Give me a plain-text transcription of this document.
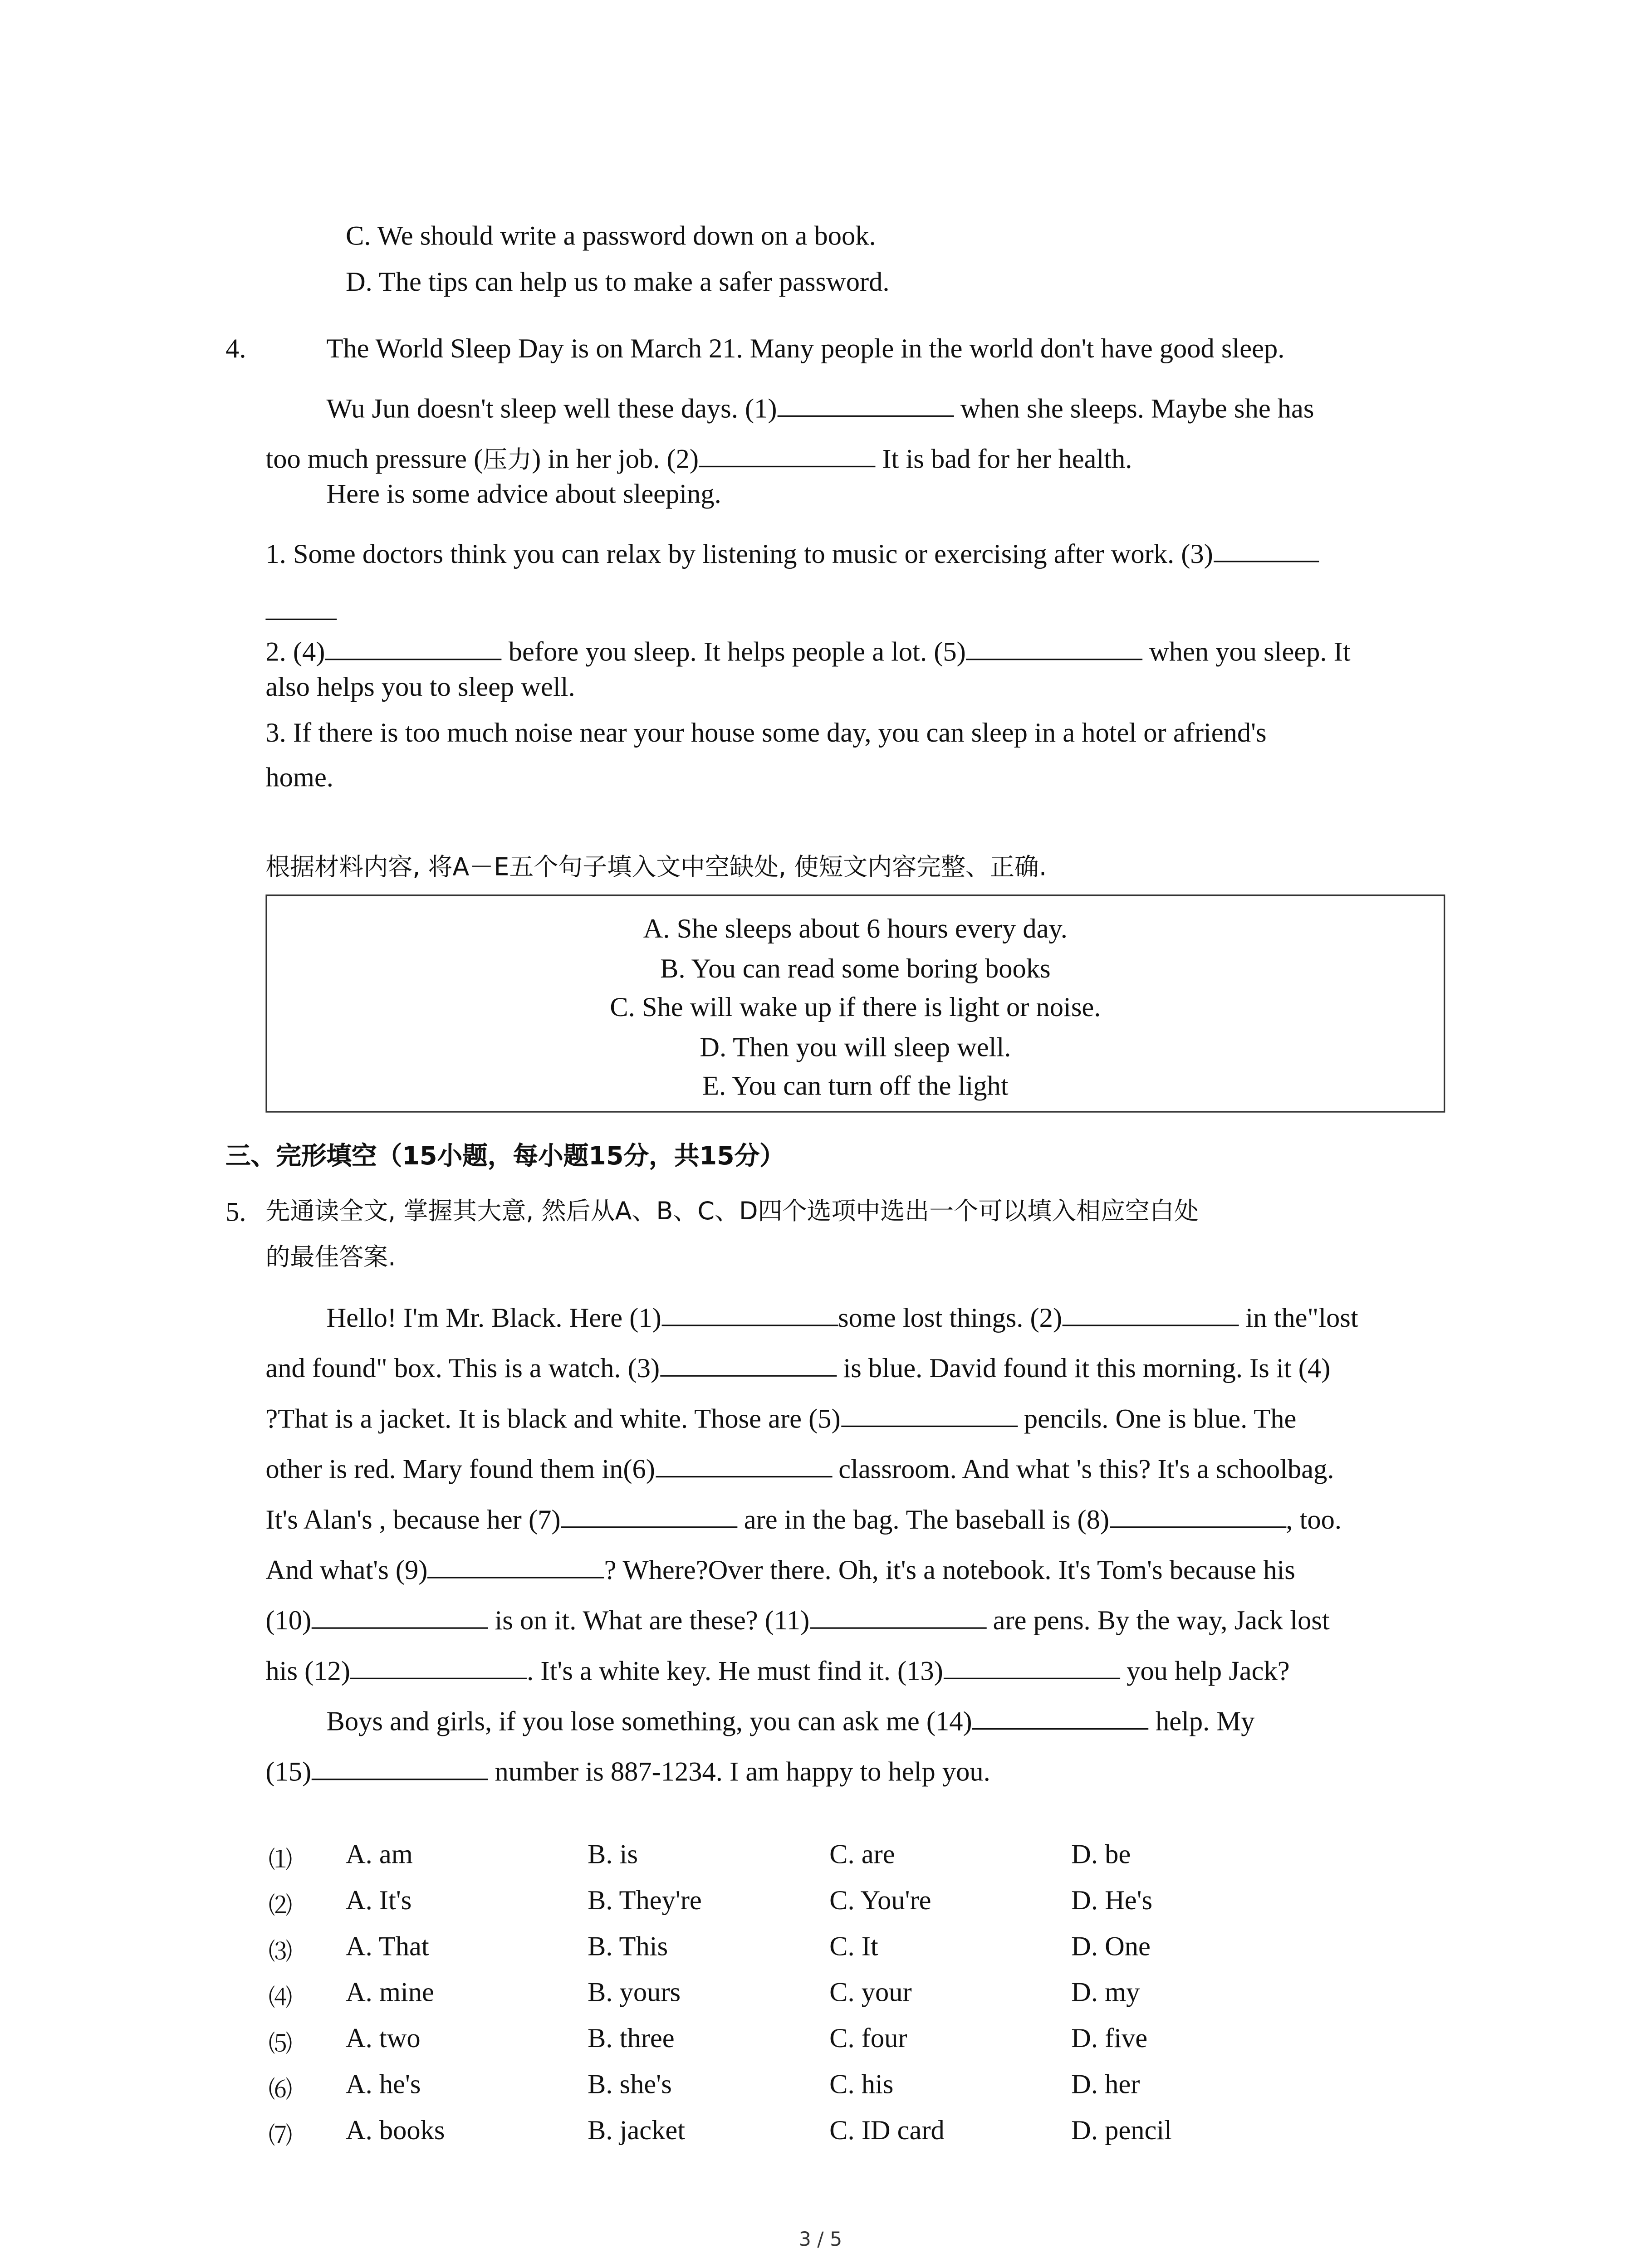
C. We should write a password down on a book.
D. The tips can help us to make a safer password.
4.	The World Sleep Day is on March 21. Many people in the world don't have good sleep.
Wu Jun doesn't sleep well these days. (1)	when she sleeps. Maybe she has
too much pressure (压力) in her job. (2)	It is bad for her health.
Here is some advice about sleeping.
1. Some doctors think you can relax by listening to music or exercising after work. (3)
2. (4)	before you sleep. It helps people a lot. (5)	when you sleep. It
also helps you to sleep well.
3. If there is too much noise near your house some day, you can sleep in a hotel or afriend's
home.
根据材料内容, 将A－E五个句子填入文中空缺处, 使短文内容完整、正确.
A. She sleeps about 6 hours every day.
B. You can read some boring books
C. She will wake up if there is light or noise.
D. Then you will sleep well.
E. You can turn off the light
三、完形填空（15小题，每小题15分，共15分）
5.	先通读全文, 掌握其大意, 然后从A、B、C、D四个选项中选出一个可以填入相应空白处
的最佳答案.
Hello! I'm Mr. Black. Here (1)	some lost things. (2)	in the"lost
and found" box. This is a watch. (3)	is blue. David found it this morning. Is it (4)
?That is a jacket. It is black and white. Those are (5)	pencils. One is blue. The
other is red. Mary found them in(6)	classroom. And what 's this? It's a schoolbag.
It's Alan's , because her (7)	are in the bag. The baseball is (8)	, too.
And what's (9)	? Where?Over there. Oh, it's a notebook. It's Tom's because his
(10)	is on it. What are these? (11)	are pens. By the way, Jack lost
his (12)	. It's a white key. He must find it. (13)	you help Jack?
Boys and girls, if you lose something, you can ask me (14)	help. My
(15)	number is 887-1234. I am happy to help you.
⑴	A. am	B. is	C. are	D. be
⑵	A. It's	B. They're	C. You're	D. He's
⑶	A. That	B. This	C. It	D. One
⑷	A. mine	B. yours	C. your	D. my
⑸	A. two	B. three	C. four	D. five
⑹	A. he's	B. she's	C. his	D. her
⑺	A. books	B. jacket	C. ID card	D. pencil
3 / 5
